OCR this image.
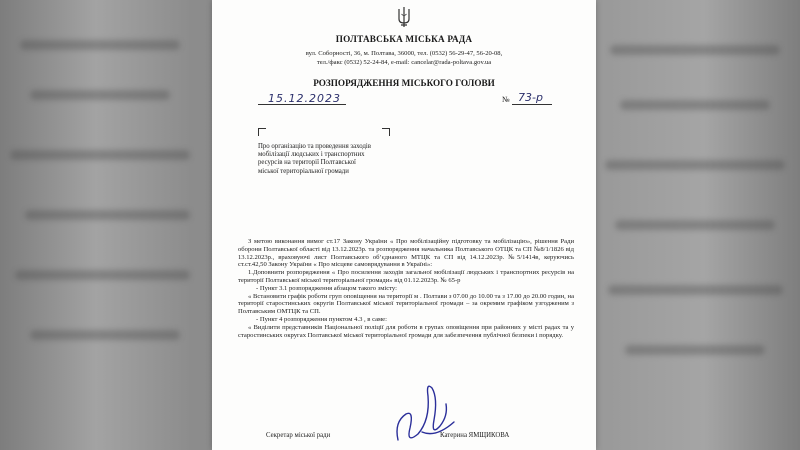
ПОЛТАВСЬКА МІСЬКА РАДА
вул. Соборності, 36, м. Полтава, 36000, тел. (0532) 56-29-47, 56-20-08,
тел./факс (0532) 52-24-84, e-mail: cancelar@rada-poltava.gov.ua
РОЗПОРЯДЖЕННЯ МІСЬКОГО ГОЛОВИ
15.12.2023	№ 73-р
Про організацію та проведення заходів
мобілізації людських і транспортних
ресурсів на території Полтавської
міської територіальної громади

З метою виконання вимог ст.17 Закону України « Про мобілізаційну підготовку та мобілізацію», рішення Ради оборони Полтавської області від 13.12.2023р. та розпорядження начальника Полтавського ОТЦК та СП №8/1/1826 від 13.12.2023р., враховуючі лист Полтавського об’єднаного МТЦК та СП від 14.12.2023р. №5/1414в, керуючись ст.ст.42,50 Закону України « Про місцеве самоврядування в Україні»:

1.Доповнити розпорядження « Про посилення заходів загальної мобілізації людських і транспортних ресурсів на території Полтавської міської територіальної громади» від 01.12.2023р. № 65-р

- Пункт 3.1 розпорядження абзацом такого змісту:

« Встановити графік роботи груп оповіщення на території м . Полтави з 07.00 до 10.00 та з 17.00 до 20.00 годин, на території старостинських округів Полтавської міської територіальної громади – за окремим графіком узгодженим з Полтавським ОМТЦК та СП.

- Пункт 4 розпорядження пунктом 4.3 , в саме:

« Виділити представників Національної поліції для роботи в групах оповіщення при районних у місті радах та у старостинських округах Полтавської міської територіальної громади для забезпечення публічної безпеки і порядку.

Секретар міської ради	Катерина ЯМЩИКОВА
